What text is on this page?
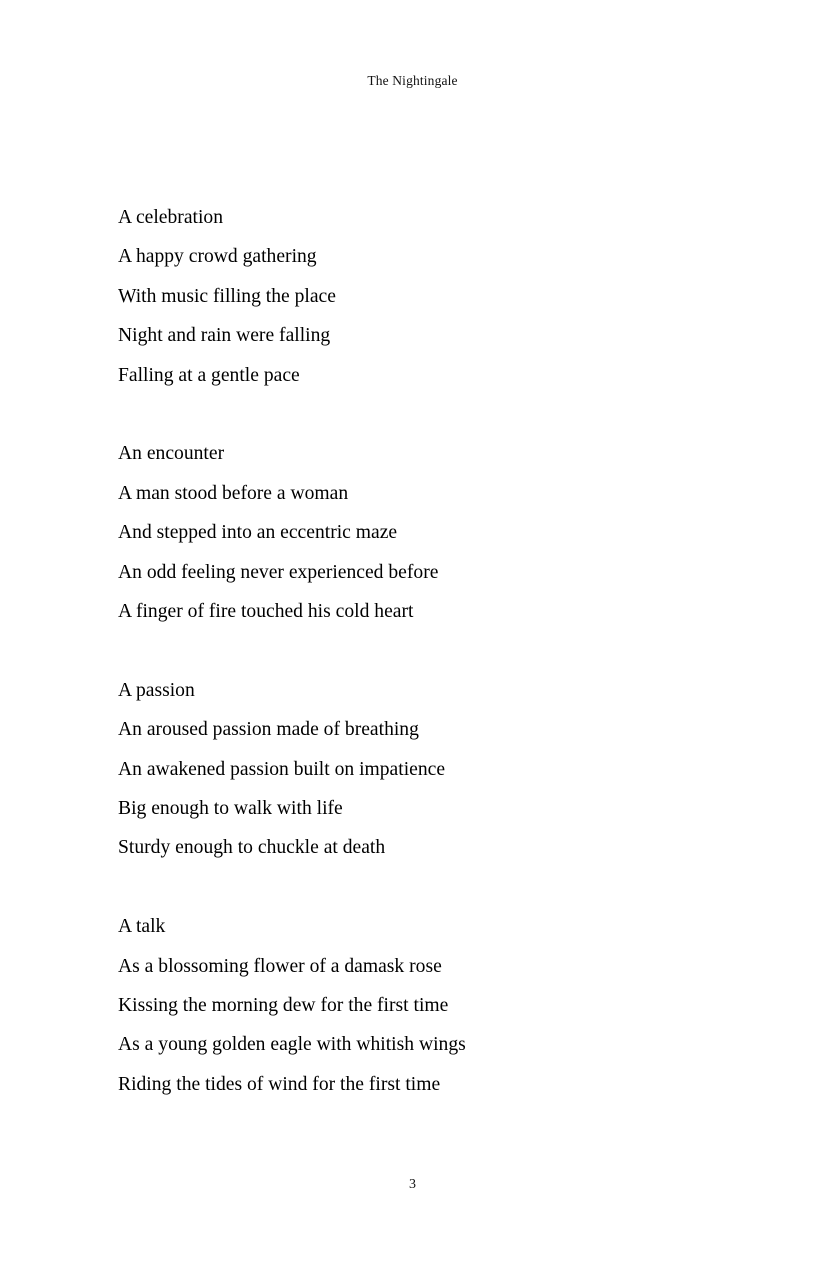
The Nightingale
A celebration
A happy crowd gathering
With music filling the place
Night and rain were falling
Falling at a gentle pace
An encounter
A man stood before a woman
And stepped into an eccentric maze
An odd feeling never experienced before
A finger of fire touched his cold heart
A passion
An aroused passion made of breathing
An awakened passion built on impatience
Big enough to walk with life
Sturdy enough to chuckle at death
A talk
As a blossoming flower of a damask rose
Kissing the morning dew for the first time
As a young golden eagle with whitish wings
Riding the tides of wind for the first time
3
